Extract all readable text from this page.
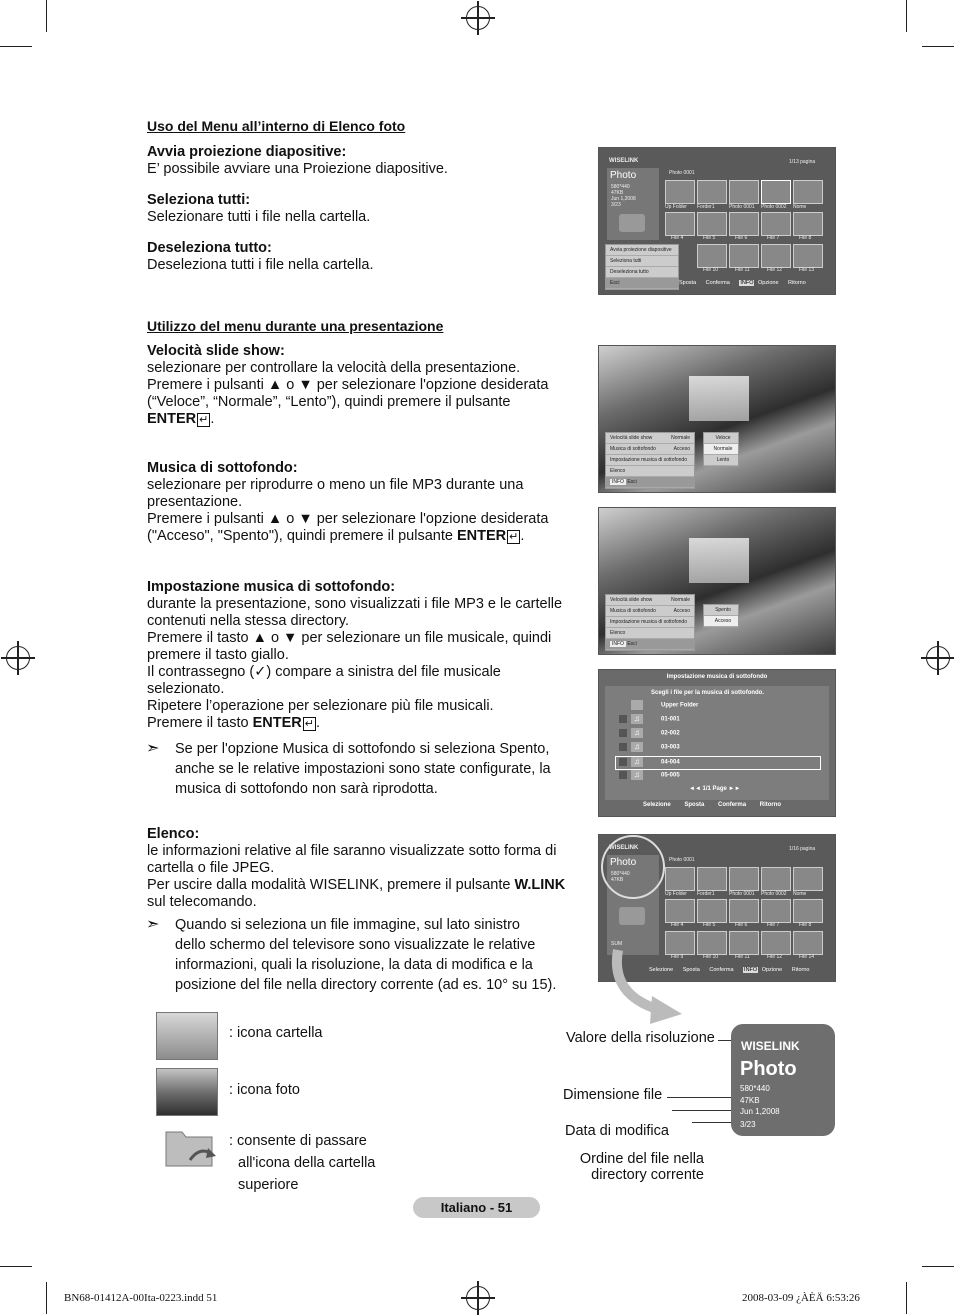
Uso del Menu all’interno di Elenco foto
Avvia proiezione diapositive:
E’ possibile avviare una Proiezione diapositive.
Seleziona tutti:
Selezionare tutti i file nella cartella.
Deseleziona tutto:
Deseleziona tutti i file nella cartella.
Utilizzo del menu durante una presentazione
Velocità slide show:
selezionare per controllare la velocità della presentazione.
Premere i pulsanti ▲ o ▼ per selezionare l'opzione desiderata
(“Veloce”, “Normale”, “Lento”), quindi premere il pulsante
ENTER ↵ .
Musica di sottofondo:
selezionare per riprodurre o meno un file MP3 durante una
presentazione.
Premere i pulsanti ▲ o ▼ per selezionare l'opzione desiderata
("Acceso", "Spento"), quindi premere il pulsante ENTER ↵ .
Impostazione musica di sottofondo:
durante la presentazione, sono visualizzati i file MP3 e le cartelle
contenuti nella stessa directory.
Premere il tasto ▲ o ▼ per selezionare un file musicale, quindi
premere il tasto giallo.
Il contrassegno (✓) compare a sinistra del file musicale
selezionato.
Ripetere l’operazione per selezionare più file musicali.
Premere il tasto ENTER ↵ .
➣ Se per l'opzione Musica di sottofondo si seleziona Spento,
anche se le relative impostazioni sono state configurate, la
musica di sottofondo non sarà riprodotta.
Elenco:
le informazioni relative al file saranno visualizzate sotto forma di
cartella o file JPEG.
Per uscire dalla modalità WISELINK, premere il pulsante W.LINK
sul telecomando.
➣ Quando si seleziona un file immagine, sul lato sinistro
dello schermo del televisore sono visualizzate le relative
informazioni, quali la risoluzione, la data di modifica e la
posizione del file nella directory corrente (ad es. 10° su 15).
WISELINK
Photo
580*440
47KB
Jun 1,2008
3/23
Photo 0001
1/13 pagina
Up Folder Forder1	Photo 0001 Photo 0002 Nome
File 4	File 5	File 6	File 7	File 8
File 10	File 11	File 12	File 13
Avvia proiezione diapositive
Seleziona tutti
Deseleziona tutto
Esci	Sposta Conferma INFO Opzione Ritorno
Velocità slide show	Normale
Musica di sottofondo	Acceso
Impostazione musica di sottofondo
Elenco
INFO Esci
Veloce
Normale
Lento
Velocità slide show	Normale
Musica di sottofondo	Acceso
Impostazione musica di sottofondo
Elenco
INFO Esci
Spento
Acceso
Impostazione musica di sottofondo
Scegli i file per la musica di sottofondo.
Upper Folder
♫	01-001
♫	02-002
♫	03-003
♫	04-004
♫	05-005
◄◄ 1/1 Page ►►
Selezione Sposta Conferma Ritorno
WISELINK
Photo
580*440
47KB
SUM
Photo 0001
1/16 pagina
Up Folder Forder1	Photo 0001 Photo 0002 Nome
File 4	File 5	File 6	File 7	File 8
File 9	File 10	File 11	File 12	File 14
Selezione Sposta Conferma INFO Opzione Ritorno
: icona cartella
: icona foto
: consente di passare
all'icona della cartella
superiore
Valore della risoluzione
Dimensione file
Data di modifica
Ordine del file nella
directory corrente
WISELINK
Photo
580*440
47KB
Jun 1,2008
3/23
Italiano - 51
BN68-01412A-00Ita-0223.indd 51	2008-03-09 ¿ÀÈÄ 6:53:26
